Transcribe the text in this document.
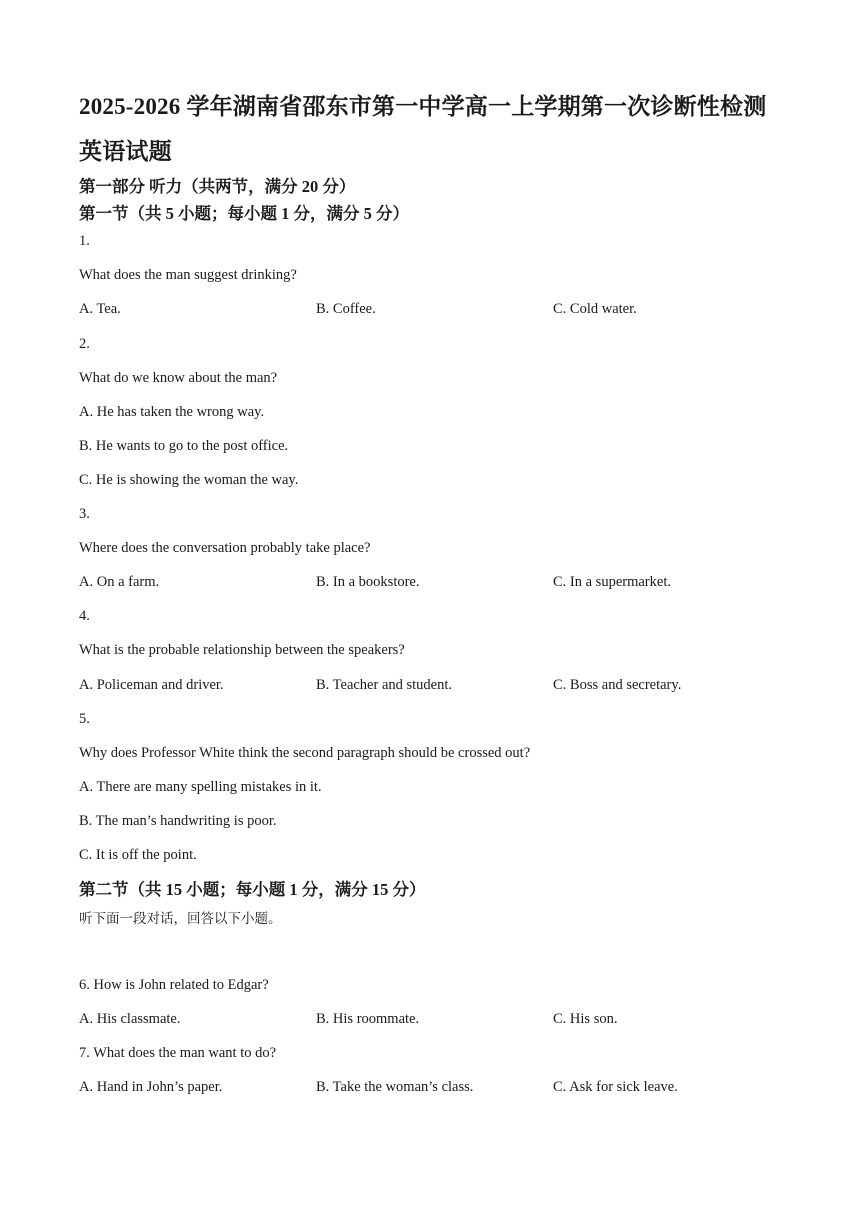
2025-2026 学年湖南省邵东市第一中学高一上学期第一次诊断性检测
英语试题
第一部分 听力（共两节，满分 20 分）
第一节（共 5 小题；每小题 1 分，满分 5 分）
1.
What does the man suggest drinking?
A. Tea.	B. Coffee.	C. Cold water.
2.
What do we know about the man?
A. He has taken the wrong way.
B. He wants to go to the post office.
C. He is showing the woman the way.
3.
Where does the conversation probably take place?
A. On a farm.	B. In a bookstore.	C. In a supermarket.
4.
What is the probable relationship between the speakers?
A. Policeman and driver.	B. Teacher and student.	C. Boss and secretary.
5.
Why does Professor White think the second paragraph should be crossed out?
A. There are many spelling mistakes in it.
B. The man’s handwriting is poor.
C. It is off the point.
第二节（共 15 小题；每小题 1 分，满分 15 分）
听下面一段对话，回答以下小题。
6. How is John related to Edgar?
A. His classmate.	B. His roommate.	C. His son.
7. What does the man want to do?
A. Hand in John’s paper.	B. Take the woman’s class.	C. Ask for sick leave.
